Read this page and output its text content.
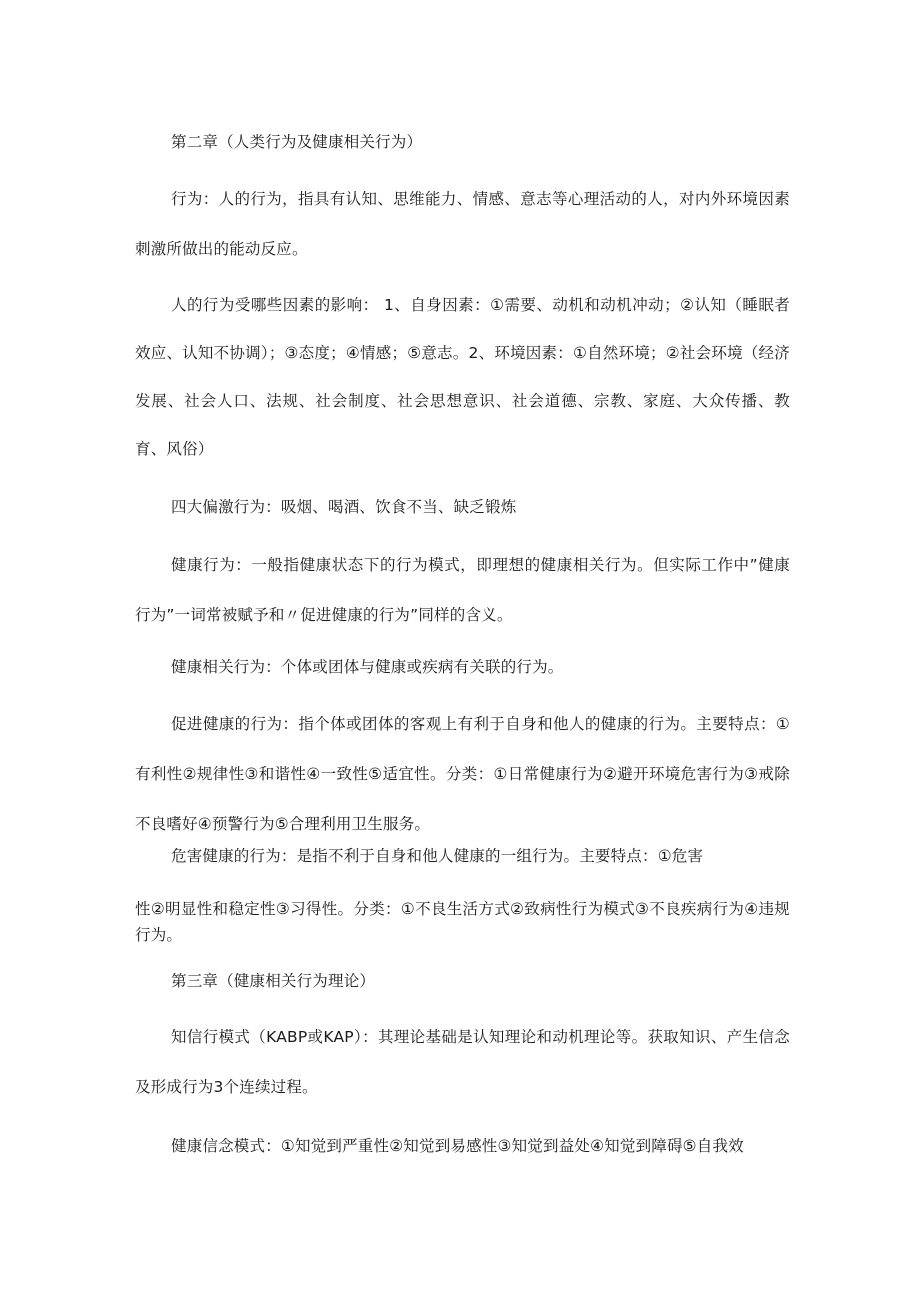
第二章（人类行为及健康相关行为）

行为：人的行为，指具有认知、思维能力、情感、意志等心理活动的人，对内外环境因素刺激所做出的能动反应。

人的行为受哪些因素的影响： 1、自身因素：①需要、动机和动机冲动；②认知（睡眠者效应、认知不协调）；③态度；④情感；⑤意志。2、环境因素：①自然环境；②社会环境（经济发展、社会人口、法规、社会制度、社会思想意识、社会道德、宗教、家庭、大众传播、教育、风俗）

四大偏激行为：吸烟、喝酒、饮食不当、缺乏锻炼

健康行为：一般指健康状态下的行为模式，即理想的健康相关行为。但实际工作中”健康行为”一词常被赋予和〃促进健康的行为”同样的含义。

健康相关行为：个体或团体与健康或疾病有关联的行为。

促进健康的行为：指个体或团体的客观上有利于自身和他人的健康的行为。主要特点：①有利性②规律性③和谐性④一致性⑤适宜性。分类：①日常健康行为②避开环境危害行为③戒除不良嗜好④预警行为⑤合理利用卫生服务。

危害健康的行为：是指不利于自身和他人健康的一组行为。主要特点：①危害
性②明显性和稳定性③习得性。分类：①不良生活方式②致病性行为模式③不良疾病行为④违规行为。

第三章（健康相关行为理论）

知信行模式（KABP或KAP）：其理论基础是认知理论和动机理论等。获取知识、产生信念及形成行为3个连续过程。

健康信念模式：①知觉到严重性②知觉到易感性③知觉到益处④知觉到障碍⑤自我效
